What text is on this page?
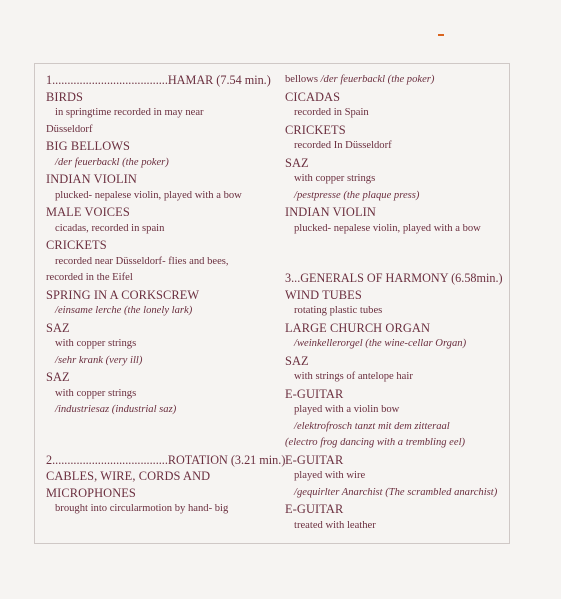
1......................................HAMAR (7.54 min.)
BIRDS
in springtime recorded in may near
Düsseldorf
BIG BELLOWS
/der feuerbackl (the poker)
INDIAN VIOLIN
plucked- nepalese violin, played with a bow
MALE VOICES
cicadas, recorded in spain
CRICKETS
recorded near Düsseldorf- flies and bees,
recorded in the Eifel
SPRING IN A CORKSCREW
/einsame lerche (the lonely lark)
SAZ
with copper strings
/sehr krank (very ill)
SAZ
with copper strings
/industriesaz (industrial saz)
2......................................ROTATION (3.21 min.)
CABLES, WIRE, CORDS AND
MICROPHONES
brought into circularmotion by hand- big
bellows /der feuerbackl (the poker)
CICADAS
recorded in Spain
CRICKETS
recorded In Düsseldorf
SAZ
with copper strings
/pestpresse (the plaque press)
INDIAN VIOLIN
plucked- nepalese violin, played with a bow
3...GENERALS OF HARMONY (6.58min.)
WIND TUBES
rotating plastic tubes
LARGE CHURCH ORGAN
/weinkellerorgel (the wine-cellar Organ)
SAZ
with strings of antelope hair
E-GUITAR
played with a violin bow
/elektrofrosch tanzt mit dem zitteraal
(electro frog dancing with a trembling eel)
E-GUITAR
played with wire
/gequirlter Anarchist (The scrambled anarchist)
E-GUITAR
treated with leather
